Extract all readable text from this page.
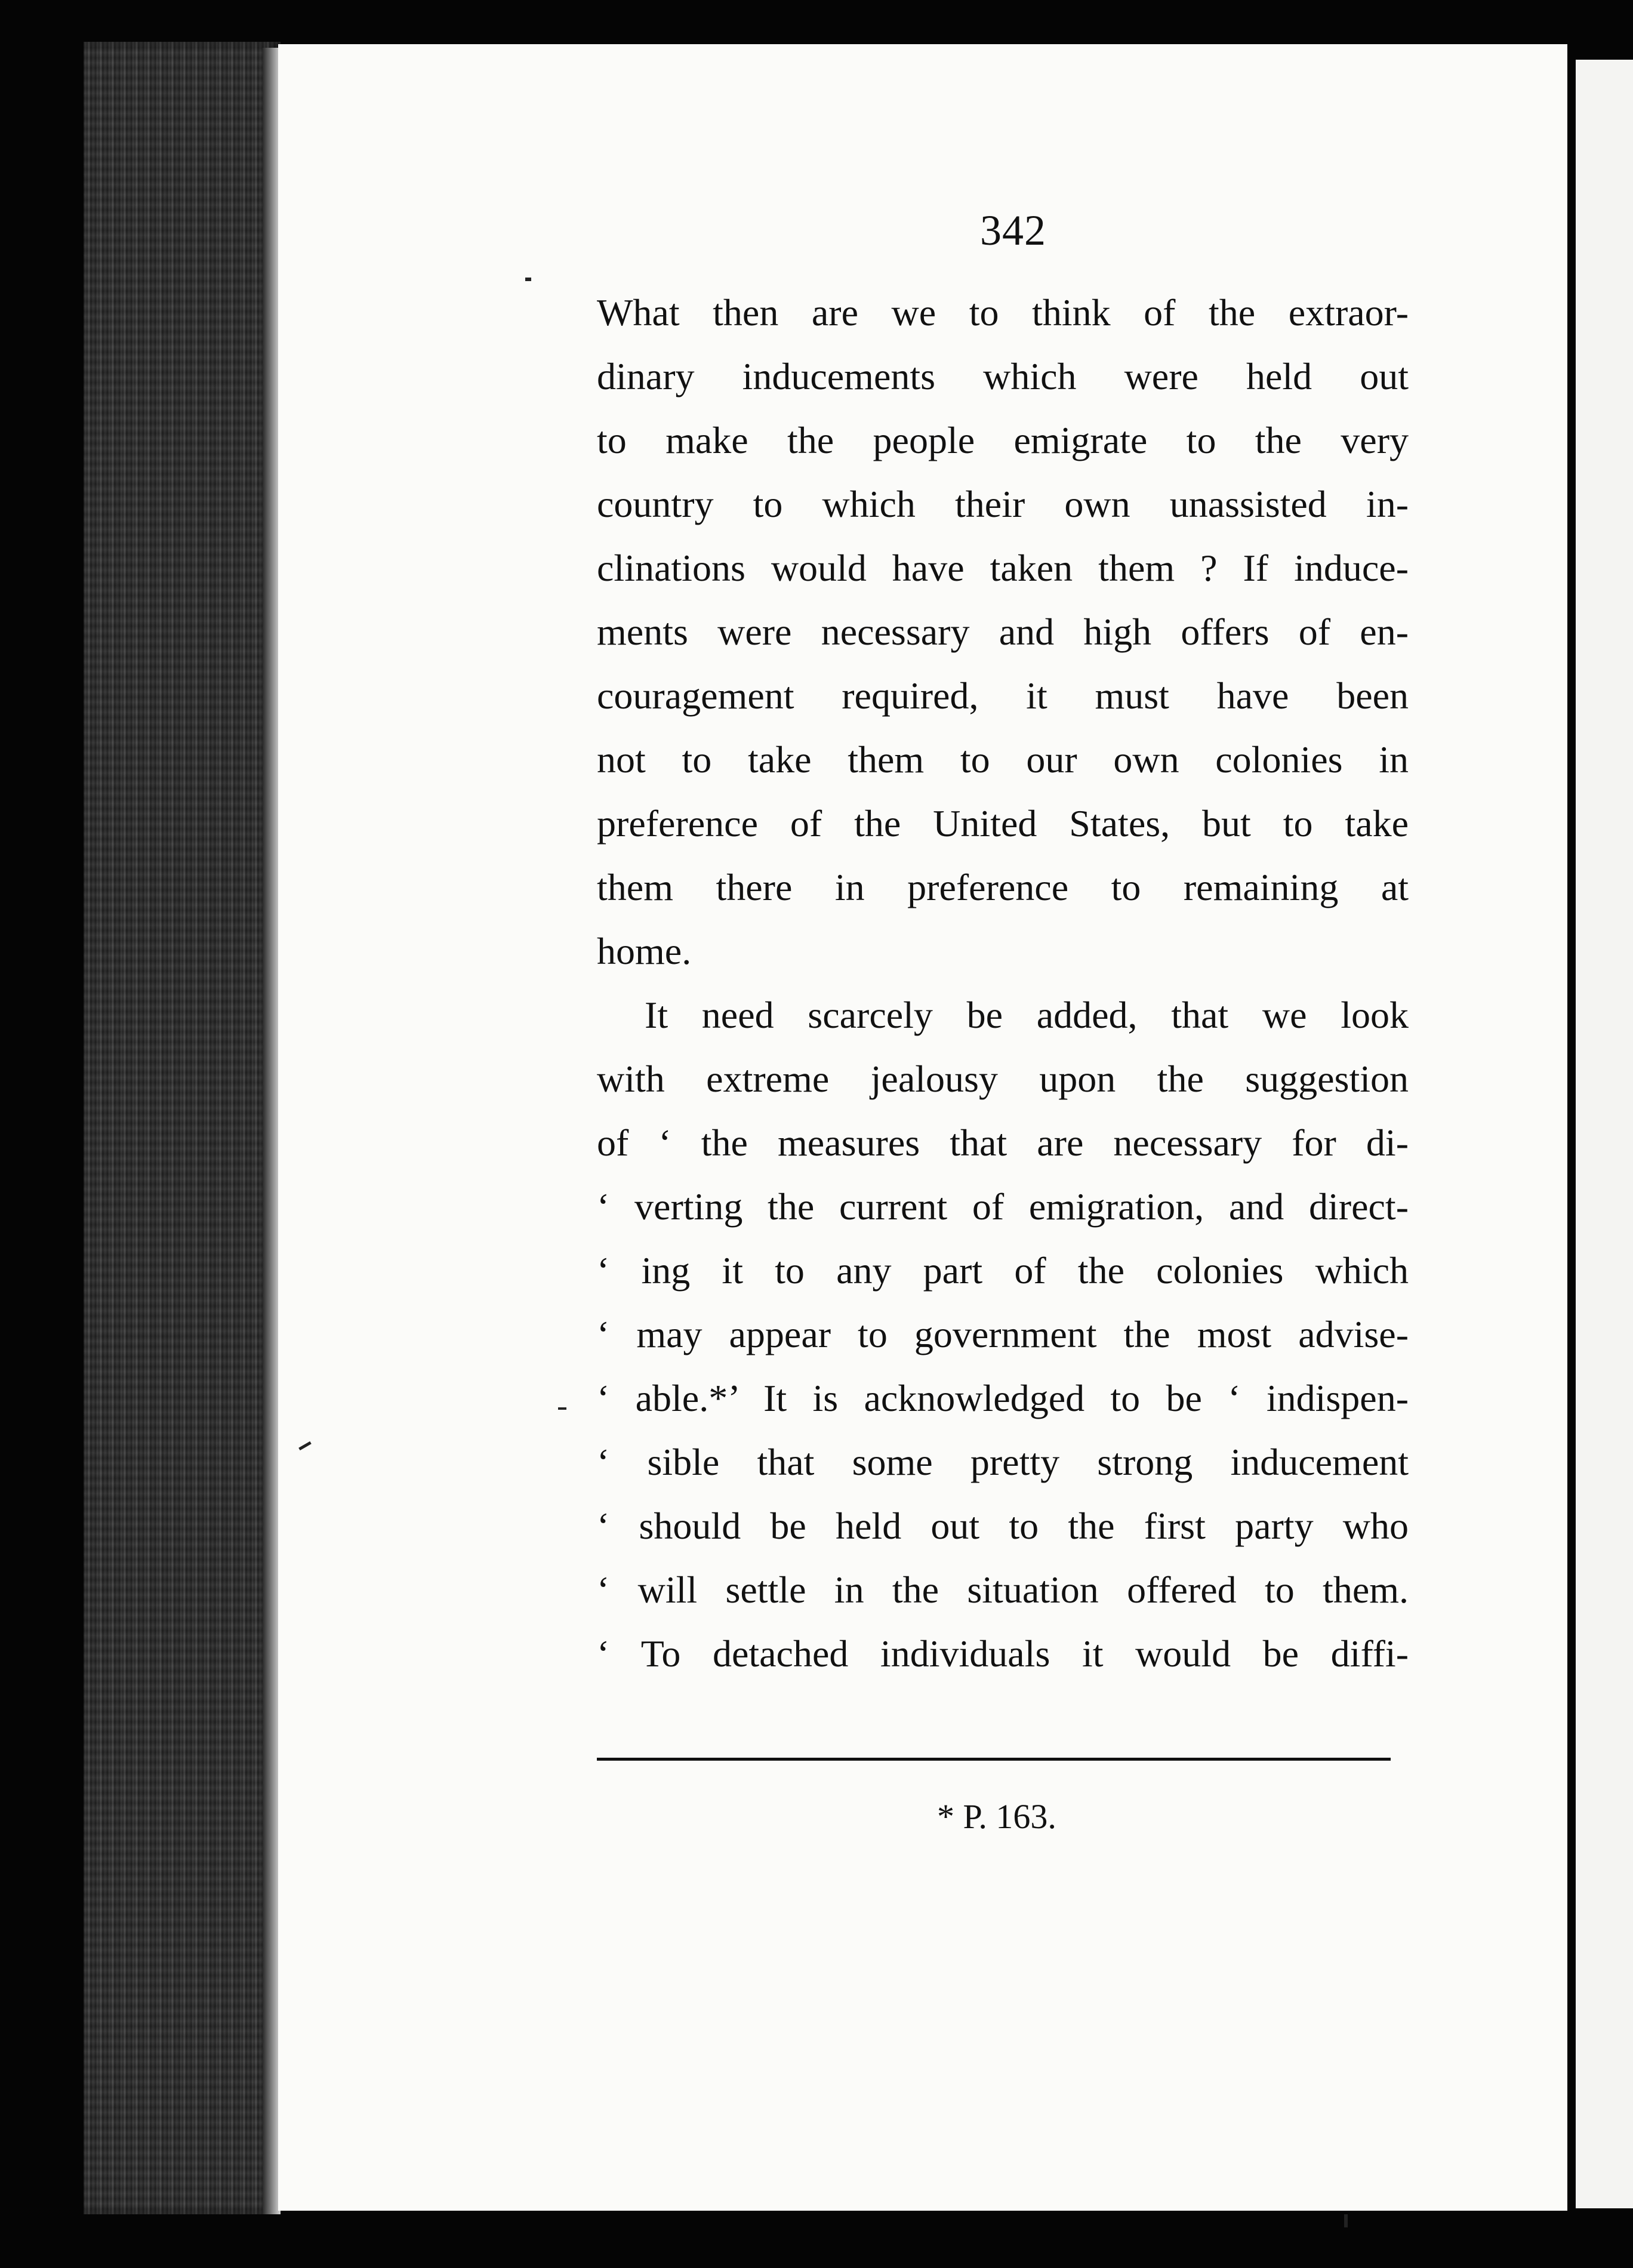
342
What then are we to think of the extraor-
dinary inducements which were held out
to make the people emigrate to the very
country to which their own unassisted in-
clinations would have taken them ? If induce-
ments were necessary and high offers of en-
couragement required, it must have been
not to take them to our own colonies in
preference of the United States, but to take
them there in preference to remaining at
home.
It need scarcely be added, that we look
with extreme jealousy upon the suggestion
of ‘ the measures that are necessary for di-
‘ verting the current of emigration, and direct-
‘ ing it to any part of the colonies which
‘ may appear to government the most advise-
‘ able.*’ It is acknowledged to be ‘ indispen-
‘ sible that some pretty strong inducement
‘ should be held out to the first party who
‘ will settle in the situation offered to them.
‘ To detached individuals it would be diffi-
* P. 163.
